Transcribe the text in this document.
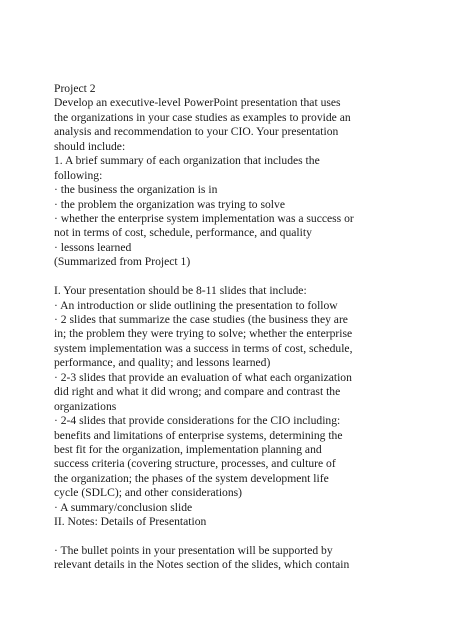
Project 2
Develop an executive-level PowerPoint presentation that uses
the organizations in your case studies as examples to provide an
analysis and recommendation to your CIO. Your presentation
should include:
1. A brief summary of each organization that includes the
following:
· the business the organization is in
· the problem the organization was trying to solve
· whether the enterprise system implementation was a success or
not in terms of cost, schedule, performance, and quality
· lessons learned
(Summarized from Project 1)
I. Your presentation should be 8-11 slides that include:
· An introduction or slide outlining the presentation to follow
· 2 slides that summarize the case studies (the business they are
in; the problem they were trying to solve; whether the enterprise
system implementation was a success in terms of cost, schedule,
performance, and quality; and lessons learned)
· 2-3 slides that provide an evaluation of what each organization
did right and what it did wrong; and compare and contrast the
organizations
· 2-4 slides that provide considerations for the CIO including:
benefits and limitations of enterprise systems, determining the
best fit for the organization, implementation planning and
success criteria (covering structure, processes, and culture of
the organization; the phases of the system development life
cycle (SDLC); and other considerations)
· A summary/conclusion slide
II. Notes: Details of Presentation
· The bullet points in your presentation will be supported by
relevant details in the Notes section of the slides, which contain
